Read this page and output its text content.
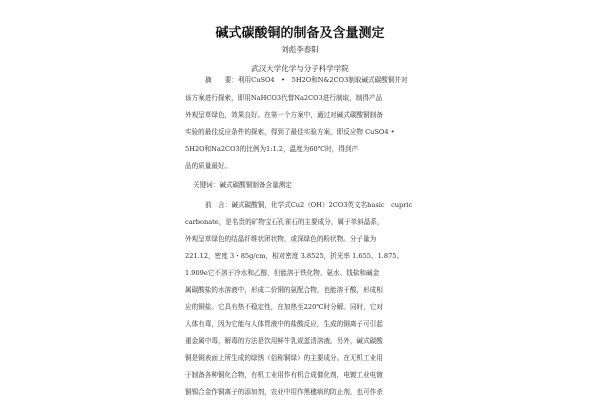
碱式碳酸铜的制备及含量测定
刘彪李春阳
武汉大学化学与分子科学学院
摘　　要：利用CuSO4　•　5H2O和N&2CO3制取碱式碳酸铜并对
该方案进行探索，即用NaHCO3代替Na2CO3进行制取，制得产品
外观呈草绿色，效果良好。在第一个方案中，通过对碱式碳酸铜制备
实验的最佳反应条件的探索，得到了最佳实验方案，即反应物 CuSO4 •
5H2O和Na2CO3的比例为1:1.2，温度为60℃时，得到产
品的质量最好。
关键词：碱式碳酸铜制备含量测定
前　言：碱式碳酸铜，化学式Cu2（OH）2CO3英文名basic　cupric
carbonate，是名贵的矿物宝石孔雀石的主要成分，属于单斜晶系，
外观呈草绿色的结晶纤维状团状物，或深绿色的粉状物。分子量为
221.12，密度 3・85g/cm，相对密度 3.8525，折光率 1.655、1.875、
1.909e它不溶于冷水和乙醇，但能溶于铁化物、氨水、钱盐和碱金
属碳酸盐的水溶液中，形成二价铜的氨配合物，也能溶于酸，形成相
应的铜盐。它具有热不稳定性，在加热至220℃时分解。同时，它对
人体有毒，因为它能与人体胃液中的盐酸反应，生成的铜离子可引起
重金属中毒，解毒的方法是饮用鲜牛乳或蛋清溶液。另外，碱式碳酸
铜是铜表面上所生成的绿锈（俗称铜绿）的主要成分。在无机工业用
于制备各种铜化合物，有机工业用作有机合成催化剂，电镀工业电镀
铜锡合金作铜离子的添加剂，农业中用作黑穗病的防止剂，也可作杀
